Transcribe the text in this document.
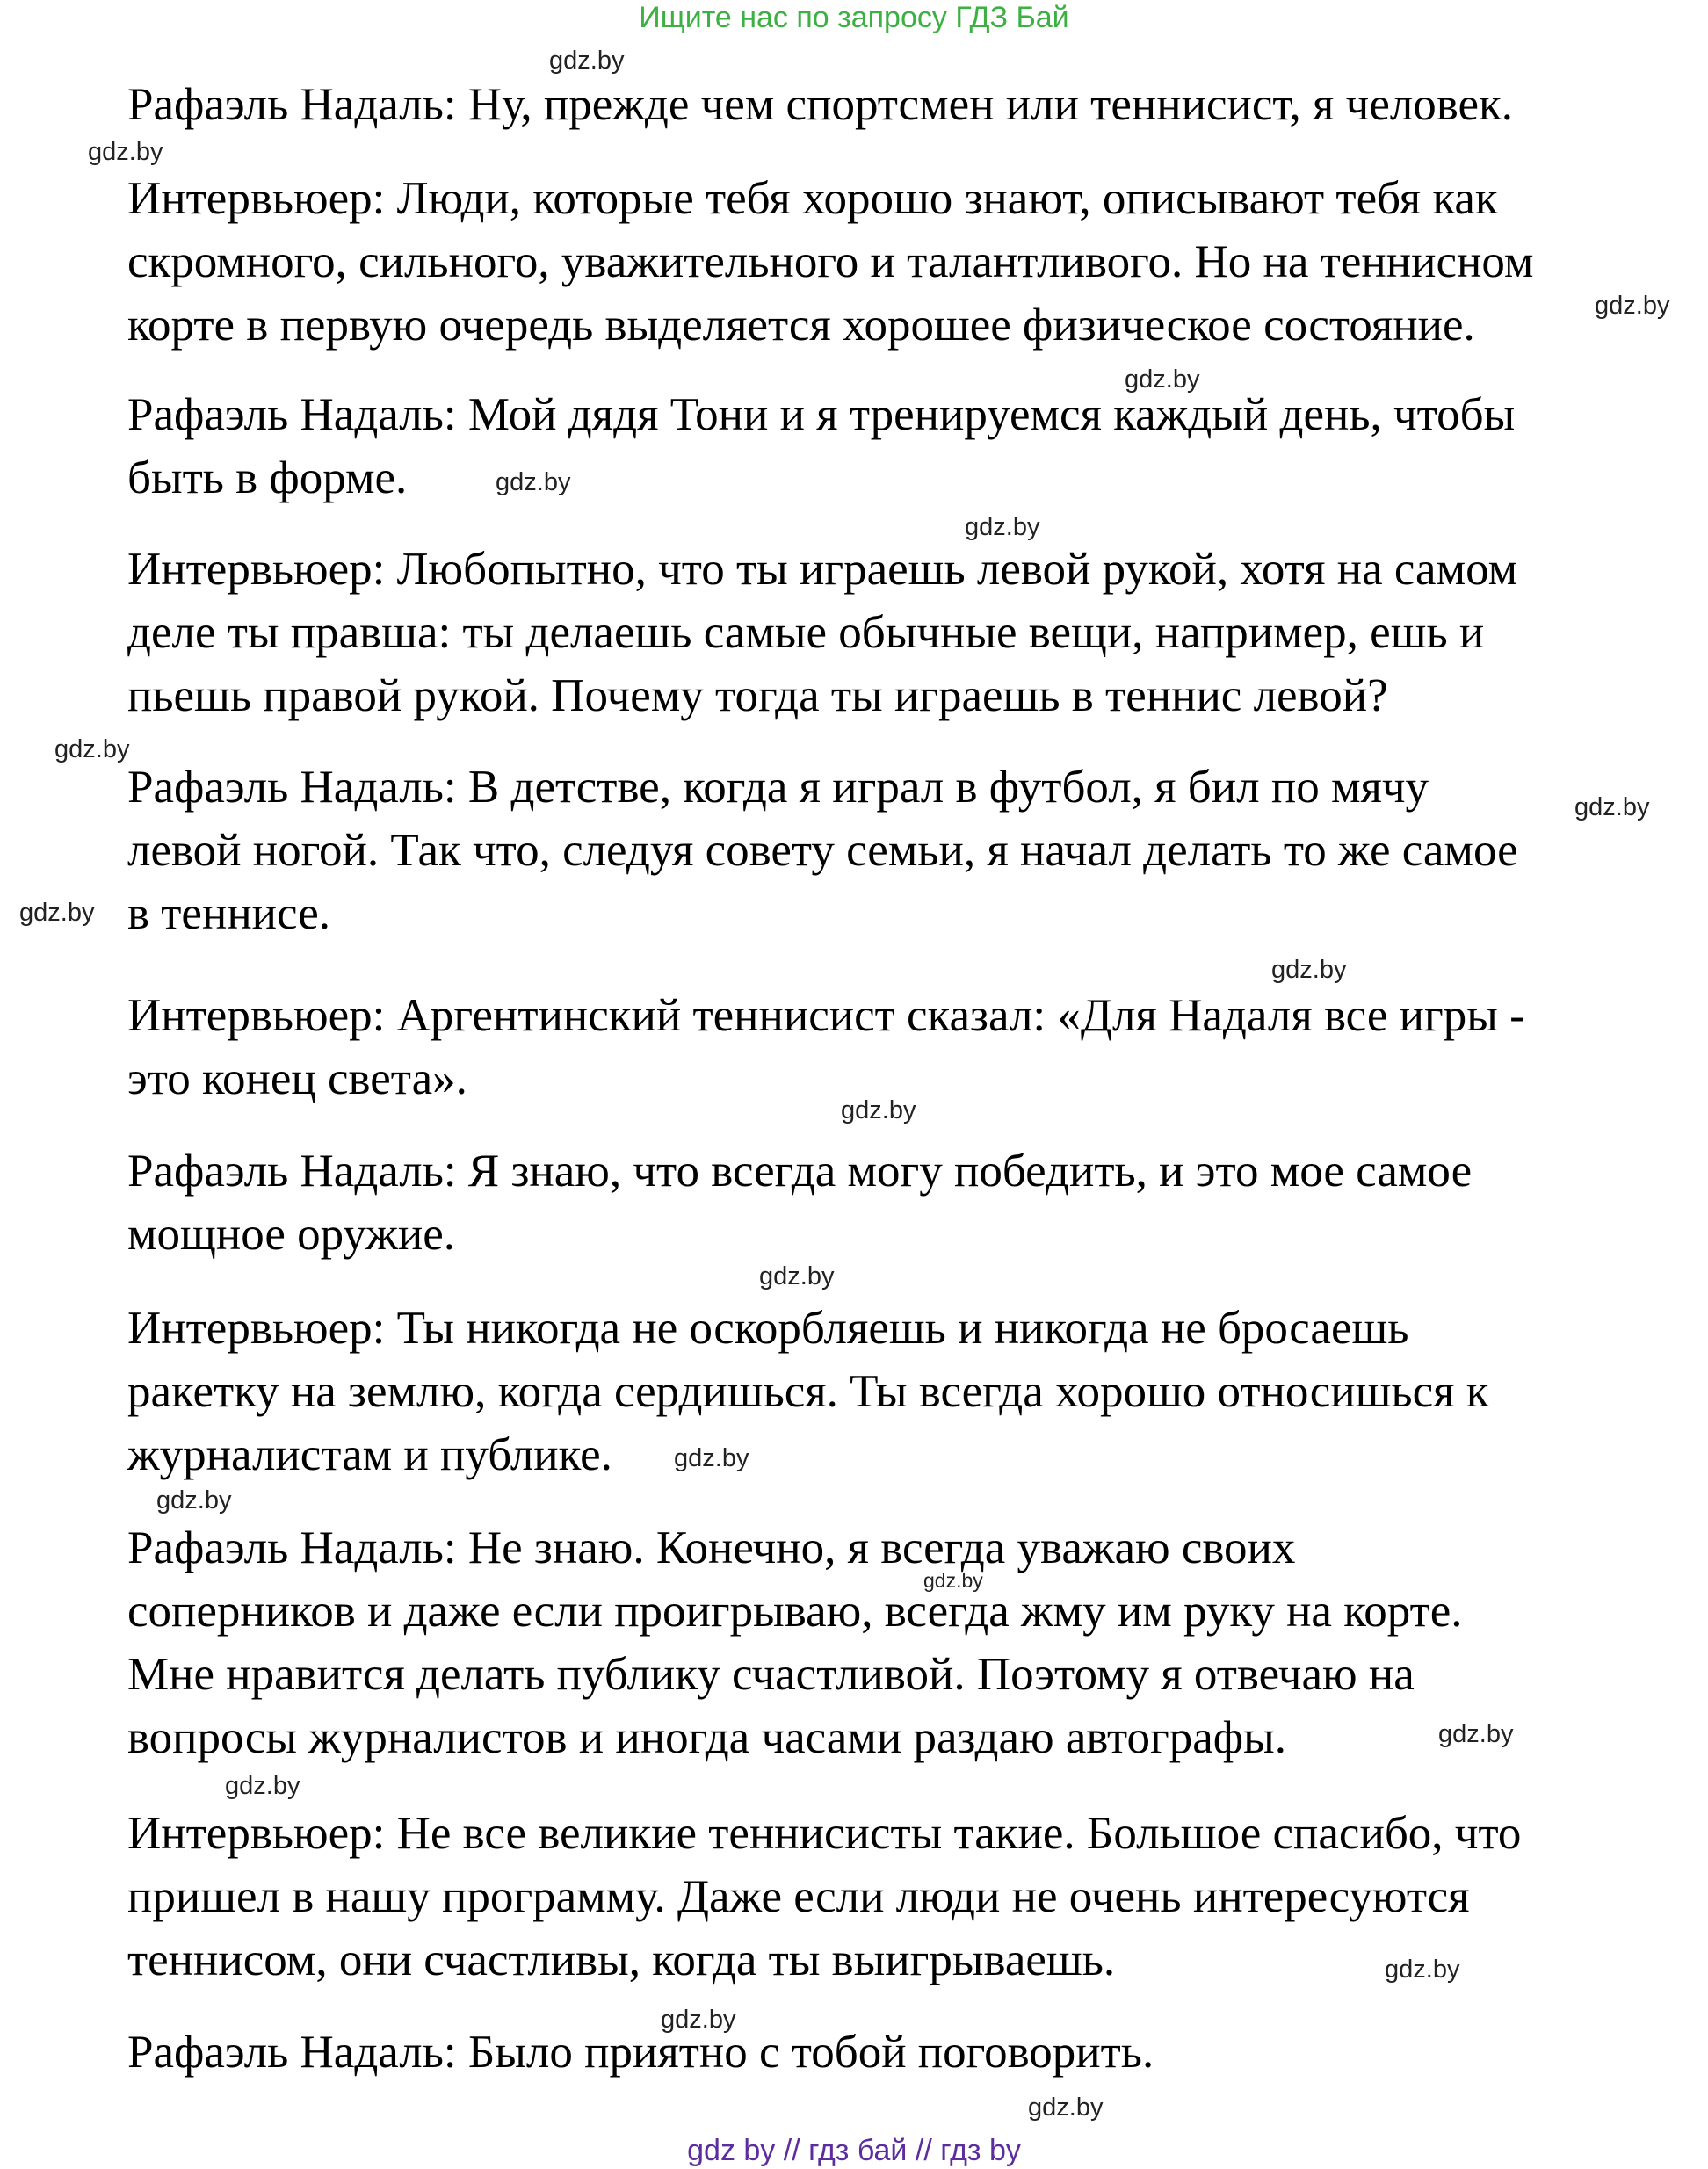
Ищите нас по запросу ГДЗ Бай
Рафаэль Надаль: Ну, прежде чем спортсмен или теннисист, я человек.
Интервьюер: Люди, которые тебя хорошо знают, описывают тебя как
скромного, сильного, уважительного и талантливого. Но на теннисном
корте в первую очередь выделяется хорошее физическое состояние.
Рафаэль Надаль: Мой дядя Тони и я тренируемся каждый день, чтобы
быть в форме.
Интервьюер: Любопытно, что ты играешь левой рукой, хотя на самом
деле ты правша: ты делаешь самые обычные вещи, например, ешь и
пьешь правой рукой. Почему тогда ты играешь в теннис левой?
Рафаэль Надаль: В детстве, когда я играл в футбол, я бил по мячу
левой ногой. Так что, следуя совету семьи, я начал делать то же самое
в теннисе.
Интервьюер: Аргентинский теннисист сказал: «Для Надаля все игры -
это конец света».
Рафаэль Надаль: Я знаю, что всегда могу победить, и это мое самое
мощное оружие.
Интервьюер: Ты никогда не оскорбляешь и никогда не бросаешь
ракетку на землю, когда сердишься. Ты всегда хорошо относишься к
журналистам и публике.
Рафаэль Надаль: Не знаю. Конечно, я всегда уважаю своих
соперников и даже если проигрываю, всегда жму им руку на корте.
Мне нравится делать публику счастливой. Поэтому я отвечаю на
вопросы журналистов и иногда часами раздаю автографы.
Интервьюер: Не все великие теннисисты такие. Большое спасибо, что
пришел в нашу программу. Даже если люди не очень интересуются
теннисом, они счастливы, когда ты выигрываешь.
Рафаэль Надаль: Было приятно с тобой поговорить.
gdz.by
gdz.by
gdz.by
gdz.by
gdz.by
gdz.by
gdz.by
gdz.by
gdz.by
gdz.by
gdz.by
gdz.by
gdz.by
gdz.by
gdz.by
gdz.by
gdz.by
gdz.by
gdz.by
gdz.by
gdz by // гдз бай // гдз by
